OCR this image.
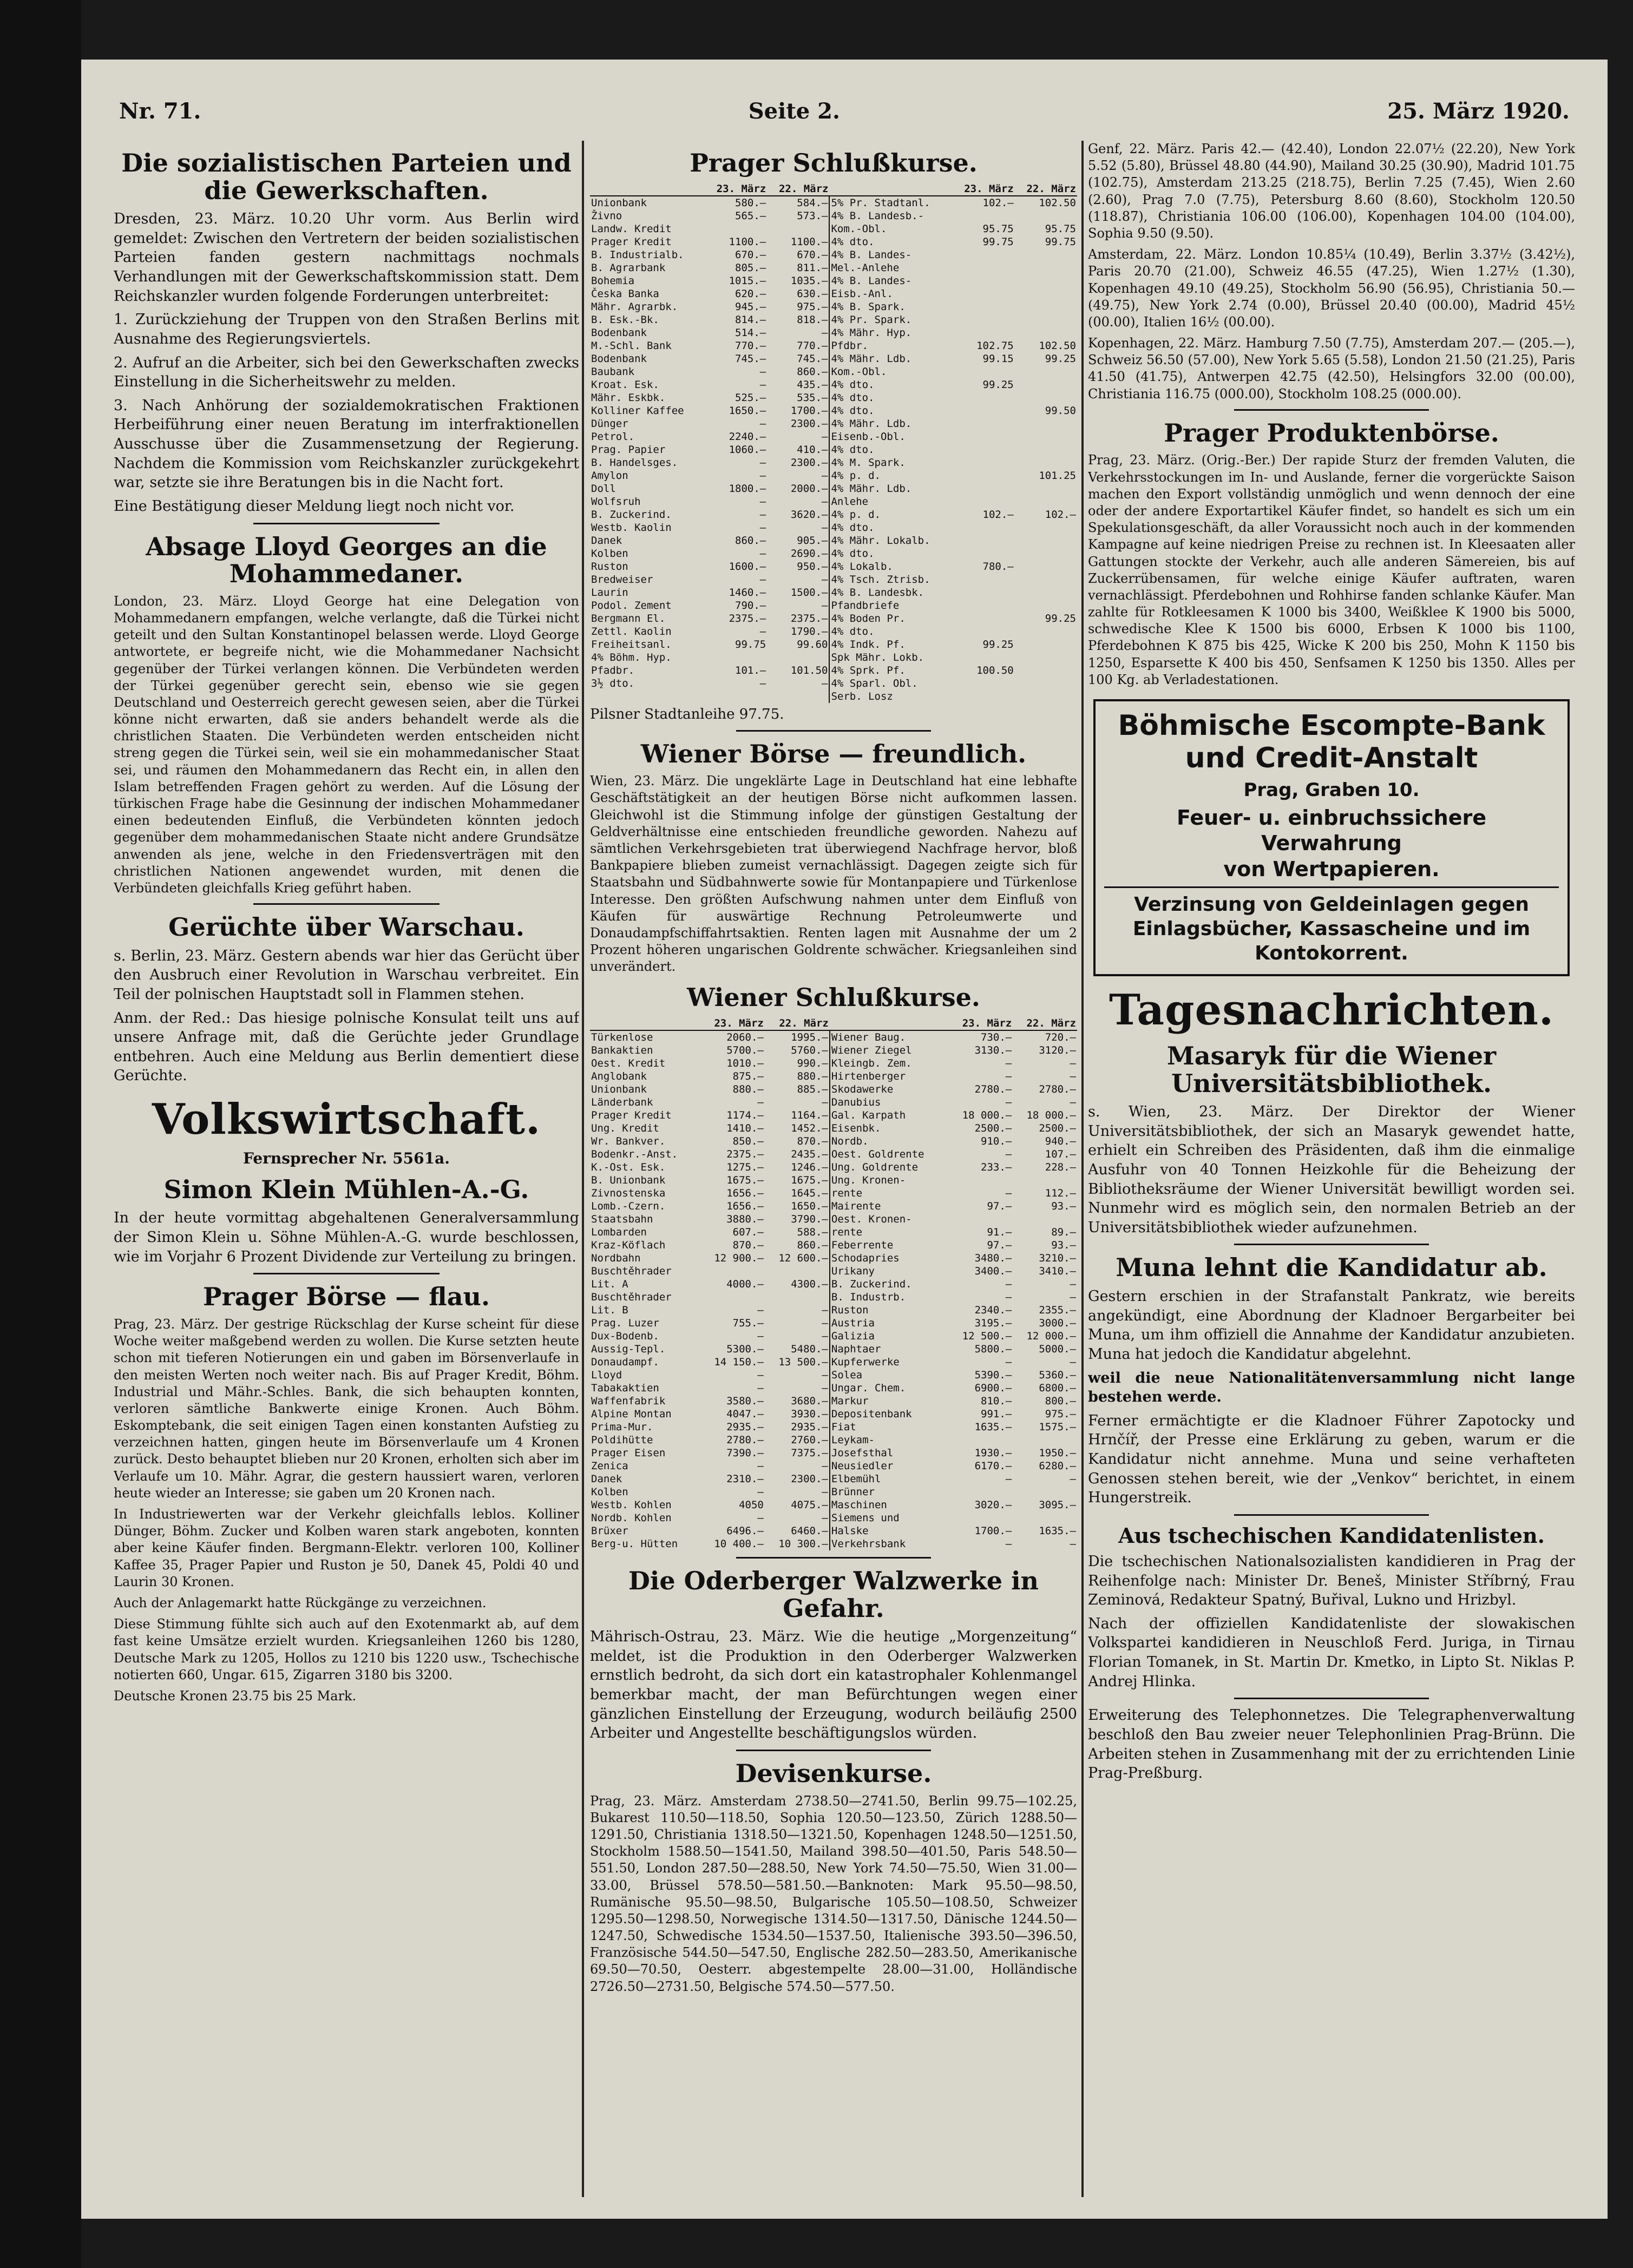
Nr. 71.	Seite 2.	25. März 1920.
Die sozialistischen Parteien und die Gewerkschaften.

Dresden, 23. März. 10.20 Uhr vorm. Aus Berlin wird gemeldet: Zwischen den Vertretern der beiden sozialistischen Parteien fanden gestern nachmittags nochmals Verhandlungen mit der Gewerkschaftskommission statt. Dem Reichskanzler wurden folgende Forderungen unterbreitet:

1. Zurückziehung der Truppen von den Straßen Berlins mit Ausnahme des Regierungsviertels.

2. Aufruf an die Arbeiter, sich bei den Gewerkschaften zwecks Einstellung in die Sicherheitswehr zu melden.

3. Nach Anhörung der sozialdemokratischen Fraktionen Herbeiführung einer neuen Beratung im interfraktionellen Ausschusse über die Zusammensetzung der Regierung. Nachdem die Kommission vom Reichskanzler zurückgekehrt war, setzte sie ihre Beratungen bis in die Nacht fort.

Eine Bestätigung dieser Meldung liegt noch nicht vor.

Absage Lloyd Georges an die Mohammedaner.

London, 23. März. Lloyd George hat eine Delegation von Mohammedanern empfangen, welche verlangte, daß die Türkei nicht geteilt und den Sultan Konstantinopel belassen werde. Lloyd George antwortete, er begreife nicht, wie die Mohammedaner Nachsicht gegenüber der Türkei verlangen können. Die Verbündeten werden der Türkei gegenüber gerecht sein, ebenso wie sie gegen Deutschland und Oesterreich gerecht gewesen seien, aber die Türkei könne nicht erwarten, daß sie anders behandelt werde als die christlichen Staaten. Die Verbündeten werden entscheiden nicht streng gegen die Türkei sein, weil sie ein mohammedanischer Staat sei, und räumen den Mohammedanern das Recht ein, in allen den Islam betreffenden Fragen gehört zu werden. Auf die Lösung der türkischen Frage habe die Gesinnung der indischen Mohammedaner einen bedeutenden Einfluß, die Verbündeten könnten jedoch gegenüber dem mohammedanischen Staate nicht andere Grundsätze anwenden als jene, welche in den Friedensverträgen mit den christlichen Nationen angewendet wurden, mit denen die Verbündeten gleichfalls Krieg geführt haben.

Gerüchte über Warschau.

s. Berlin, 23. März. Gestern abends war hier das Gerücht über den Ausbruch einer Revolution in Warschau verbreitet. Ein Teil der polnischen Hauptstadt soll in Flammen stehen.

Anm. der Red.: Das hiesige polnische Konsulat teilt uns auf unsere Anfrage mit, daß die Gerüchte jeder Grundlage entbehren. Auch eine Meldung aus Berlin dementiert diese Gerüchte.

Volkswirtschaft.
Fernsprecher Nr. 5561a.
Simon Klein Mühlen-A.-G.

In der heute vormittag abgehaltenen Generalversammlung der Simon Klein u. Söhne Mühlen-A.-G. wurde beschlossen, wie im Vorjahr 6 Prozent Dividende zur Verteilung zu bringen.

Prager Börse — flau.

Prag, 23. März. Der gestrige Rückschlag der Kurse scheint für diese Woche weiter maßgebend werden zu wollen. Die Kurse setzten heute schon mit tieferen Notierungen ein und gaben im Börsenverlaufe in den meisten Werten noch weiter nach. Bis auf Prager Kredit, Böhm. Industrial und Mähr.-Schles. Bank, die sich behaupten konnten, verloren sämtliche Bankwerte einige Kronen. Auch Böhm. Eskomptebank, die seit einigen Tagen einen konstanten Aufstieg zu verzeichnen hatten, gingen heute im Börsenverlaufe um 4 Kronen zurück. Desto behauptet blieben nur 20 Kronen, erholten sich aber im Verlaufe um 10. Mähr. Agrar, die gestern haussiert waren, verloren heute wieder an Interesse; sie gaben um 20 Kronen nach.

In Industriewerten war der Verkehr gleichfalls leblos. Kolliner Dünger, Böhm. Zucker und Kolben waren stark angeboten, konnten aber keine Käufer finden. Bergmann-Elektr. verloren 100, Kolliner Kaffee 35, Prager Papier und Ruston je 50, Danek 45, Poldi 40 und Laurin 30 Kronen.

Auch der Anlagemarkt hatte Rückgänge zu verzeichnen.

Diese Stimmung fühlte sich auch auf den Exotenmarkt ab, auf dem fast keine Umsätze erzielt wurden. Kriegsanleihen 1260 bis 1280, Deutsche Mark zu 1205, Hollos zu 1210 bis 1220 usw., Tschechische notierten 660, Ungar. 615, Zigarren 3180 bis 3200.

Deutsche Kronen 23.75 bis 25 Mark.

Prager Schlußkurse.
	23. März	22. März		23. März	22. März
Unionbank	580.—	584.—	5% Pr. Stadtanl.	102.—	102.50
Živno	565.—	573.—	4% B. Landesb.-		
Landw. Kredit			Kom.-Obl.	95.75	95.75
Prager Kredit	1100.—	1100.—	4% dto.	99.75	99.75
B. Industrialb.	670.—	670.—	4% B. Landes-		
B. Agrarbank	805.—	811.—	Mel.-Anlehe		
Bohemia	1015.—	1035.—	4% B. Landes-		
Česka Banka	620.—	630.—	Eisb.-Anl.		
Mähr. Agrarbk.	945.—	975.—	4% B. Spark.		
B. Esk.-Bk.	814.—	818.—	4% Pr. Spark.		
Bodenbank	514.—	—	4% Mähr. Hyp.		
M.-Schl. Bank	770.—	770.—	Pfdbr.	102.75	102.50
Bodenbank	745.—	745.—	4% Mähr. Ldb.	99.15	99.25
Baubank	—	860.—	Kom.-Obl.		
Kroat. Esk.	—	435.—	4% dto.	99.25	
Mähr. Eskbk.	525.—	535.—	4% dto.		
Kolliner Kaffee	1650.—	1700.—	4% dto.		99.50
Dünger	—	2300.—	4% Mähr. Ldb.		
Petrol.	2240.—	—	Eisenb.-Obl.		
Prag. Papier	1060.—	410.—	4% dto.		
B. Handelsges.	—	2300.—	4% M. Spark.		
Amylon	—	—	4% p. d.		101.25
Doll	1800.—	2000.—	4% Mähr. Ldb.		
Wolfsruh	—	—	Anlehe		
B. Zuckerind.	—	3620.—	4% p. d.	102.—	102.—
Westb. Kaolin	—	—	4% dto.		
Danek	860.—	905.—	4% Mähr. Lokalb.		
Kolben	—	2690.—	4% dto.		
Ruston	1600.—	950.—	4% Lokalb.	780.—	
Bredweiser	—	—	4% Tsch. Ztrisb.		
Laurin	1460.—	1500.—	4% B. Landesbk.		
Podol. Zement	790.—	—	Pfandbriefe		
Bergmann El.	2375.—	2375.—	4% Boden Pr.		99.25
Zettl. Kaolin	—	1790.—	4% dto.		
Freiheitsanl.	99.75	99.60	4% Indk. Pf.	99.25	
4% Böhm. Hyp.			Spk Mähr. Lokb.		
Pfadbr.	101.—	101.50	4% Sprk. Pf.	100.50	
3½ dto.	—	—	4% Sparl. Obl.		
			Serb. Losz		
Pilsner Stadtanleihe 97.75.
Wiener Börse — freundlich.

Wien, 23. März. Die ungeklärte Lage in Deutschland hat eine lebhafte Geschäftstätigkeit an der heutigen Börse nicht aufkommen lassen. Gleichwohl ist die Stimmung infolge der günstigen Gestaltung der Geldverhältnisse eine entschieden freundliche geworden. Nahezu auf sämtlichen Verkehrsgebieten trat überwiegend Nachfrage hervor, bloß Bankpapiere blieben zumeist vernachlässigt. Dagegen zeigte sich für Staatsbahn und Südbahnwerte sowie für Montanpapiere und Türkenlose Interesse. Den größten Aufschwung nahmen unter dem Einfluß von Käufen für auswärtige Rechnung Petroleumwerte und Donaudampfschiffahrtsaktien. Renten lagen mit Ausnahme der um 2 Prozent höheren ungarischen Goldrente schwächer. Kriegsanleihen sind unverändert.

Wiener Schlußkurse.
	23. März	22. März		23. März	22. März
Türkenlose	2060.—	1995.—	Wiener Baug.	730.—	720.—
Bankaktien	5700.—	5760.—	Wiener Ziegel	3130.—	3120.—
Oest. Kredit	1010.—	990.—	Kleingb. Zem.	—	—
Anglobank	875.—	880.—	Hirtenberger	—	—
Unionbank	880.—	885.—	Skodawerke	2780.—	2780.—
Länderbank	—	—	Danubius	—	—
Prager Kredit	1174.—	1164.—	Gal. Karpath	18 000.—	18 000.—
Ung. Kredit	1410.—	1452.—	Eisenbk.	2500.—	2500.—
Wr. Bankver.	850.—	870.—	Nordb.	910.—	940.—
Bodenkr.-Anst.	2375.—	2435.—	Oest. Goldrente	—	107.—
K.-Ost. Esk.	1275.—	1246.—	Ung. Goldrente	233.—	228.—
B. Unionbank	1675.—	1675.—	Ung. Kronen-		
Zivnostenska	1656.—	1645.—	rente	—	112.—
Lomb.-Czern.	1656.—	1650.—	Mairente	97.—	93.—
Staatsbahn	3880.—	3790.—	Oest. Kronen-		
Lombarden	607.—	588.—	rente	91.—	89.—
Kraz-Köflach	870.—	860.—	Feberrente	97.—	93.—
Nordbahn	12 900.—	12 600.—	Schodapries	3480.—	3210.—
Buschtěhrader			Urikany	3400.—	3410.—
Lit. A	4000.—	4300.—	B. Zuckerind.	—	—
Buschtěhrader			B. Industrb.	—	—
Lit. B	—	—	Ruston	2340.—	2355.—
Prag. Luzer	755.—	—	Austria	3195.—	3000.—
Dux-Bodenb.	—	—	Galizia	12 500.—	12 000.—
Aussig-Tepl.	5300.—	5480.—	Naphtaer	5800.—	5000.—
Donaudampf.	14 150.—	13 500.—	Kupferwerke	—	—
Lloyd	—	—	Solea	5390.—	5360.—
Tabakaktien	—	—	Ungar. Chem.	6900.—	6800.—
Waffenfabrik	3580.—	3680.—	Markur	810.—	800.—
Alpine Montan	4047.—	3930.—	Depositenbank	991.—	975.—
Prima-Mur.	2935.—	2935.—	Fiat	1635.—	1575.—
Poldihütte	2780.—	2760.—	Leykam-		
Prager Eisen	7390.—	7375.—	Josefsthal	1930.—	1950.—
Zenica	—	—	Neusiedler	6170.—	6280.—
Danek	2310.—	2300.—	Elbemühl	—	—
Kolben	—	—	Brünner		
Westb. Kohlen	4050	4075.—	Maschinen	3020.—	3095.—
Nordb. Kohlen	—	—	Siemens und		
Brüxer	6496.—	6460.—	Halske	1700.—	1635.—
Berg-u. Hütten	10 400.—	10 300.—	Verkehrsbank	—	—
Die Oderberger Walzwerke in Gefahr.

Mährisch-Ostrau, 23. März. Wie die heutige „Morgenzeitung“ meldet, ist die Produktion in den Oderberger Walzwerken ernstlich bedroht, da sich dort ein katastrophaler Kohlenmangel bemerkbar macht, der man Befürchtungen wegen einer gänzlichen Einstellung der Erzeugung, wodurch beiläufig 2500 Arbeiter und Angestellte beschäftigungslos würden.

Devisenkurse.

Prag, 23. März. Amsterdam 2738.50—2741.50, Berlin 99.75—102.25, Bukarest 110.50—118.50, Sophia 120.50—123.50, Zürich 1288.50—1291.50, Christiania 1318.50—1321.50, Kopenhagen 1248.50—1251.50, Stockholm 1588.50—1541.50, Mailand 398.50—401.50, Paris 548.50—551.50, London 287.50—288.50, New York 74.50—75.50, Wien 31.00—33.00, Brüssel 578.50—581.50.—Banknoten: Mark 95.50—98.50, Rumänische 95.50—98.50, Bulgarische 105.50—108.50, Schweizer 1295.50—1298.50, Norwegische 1314.50—1317.50, Dänische 1244.50—1247.50, Schwedische 1534.50—1537.50, Italienische 393.50—396.50, Französische 544.50—547.50, Englische 282.50—283.50, Amerikanische 69.50—70.50, Oesterr. abgestempelte 28.00—31.00, Holländische 2726.50—2731.50, Belgische 574.50—577.50.

Genf, 22. März. Paris 42.— (42.40), London 22.07½ (22.20), New York 5.52 (5.80), Brüssel 48.80 (44.90), Mailand 30.25 (30.90), Madrid 101.75 (102.75), Amsterdam 213.25 (218.75), Berlin 7.25 (7.45), Wien 2.60 (2.60), Prag 7.0 (7.75), Petersburg 8.60 (8.60), Stockholm 120.50 (118.87), Christiania 106.00 (106.00), Kopenhagen 104.00 (104.00), Sophia 9.50 (9.50).

Amsterdam, 22. März. London 10.85¼ (10.49), Berlin 3.37½ (3.42½), Paris 20.70 (21.00), Schweiz 46.55 (47.25), Wien 1.27½ (1.30), Kopenhagen 49.10 (49.25), Stockholm 56.90 (56.95), Christiania 50.— (49.75), New York 2.74 (0.00), Brüssel 20.40 (00.00), Madrid 45½ (00.00), Italien 16½ (00.00).

Kopenhagen, 22. März. Hamburg 7.50 (7.75), Amsterdam 207.— (205.—), Schweiz 56.50 (57.00), New York 5.65 (5.58), London 21.50 (21.25), Paris 41.50 (41.75), Antwerpen 42.75 (42.50), Helsingfors 32.00 (00.00), Christiania 116.75 (000.00), Stockholm 108.25 (000.00).

Prager Produktenbörse.

Prag, 23. März. (Orig.-Ber.) Der rapide Sturz der fremden Valuten, die Verkehrsstockungen im In- und Auslande, ferner die vorgerückte Saison machen den Export vollständig unmöglich und wenn dennoch der eine oder der andere Exportartikel Käufer findet, so handelt es sich um ein Spekulationsgeschäft, da aller Voraussicht noch auch in der kommenden Kampagne auf keine niedrigen Preise zu rechnen ist. In Kleesaaten aller Gattungen stockte der Verkehr, auch alle anderen Sämereien, bis auf Zuckerrübensamen, für welche einige Käufer auftraten, waren vernachlässigt. Pferdebohnen und Rohhirse fanden schlanke Käufer. Man zahlte für Rotkleesamen K 1000 bis 3400, Weißklee K 1900 bis 5000, schwedische Klee K 1500 bis 6000, Erbsen K 1000 bis 1100, Pferdebohnen K 875 bis 425, Wicke K 200 bis 250, Mohn K 1150 bis 1250, Esparsette K 400 bis 450, Senfsamen K 1250 bis 1350. Alles per 100 Kg. ab Verladestationen.

Böhmische Escompte-Bank
und Credit-Anstalt
Prag, Graben 10.
Feuer- u. einbruchssichere Verwahrung
von Wertpapieren.
Verzinsung von Geldeinlagen gegen Einlagsbücher, Kassascheine und im Kontokorrent.
Tagesnachrichten.
Masaryk für die Wiener Universitätsbibliothek.

s. Wien, 23. März. Der Direktor der Wiener Universitätsbibliothek, der sich an Masaryk gewendet hatte, erhielt ein Schreiben des Präsidenten, daß ihm die einmalige Ausfuhr von 40 Tonnen Heizkohle für die Beheizung der Bibliotheksräume der Wiener Universität bewilligt worden sei. Nunmehr wird es möglich sein, den normalen Betrieb an der Universitätsbibliothek wieder aufzunehmen.

Muna lehnt die Kandidatur ab.

Gestern erschien in der Strafanstalt Pankratz, wie bereits angekündigt, eine Abordnung der Kladnoer Bergarbeiter bei Muna, um ihm offiziell die Annahme der Kandidatur anzubieten. Muna hat jedoch die Kandidatur abgelehnt.

weil die neue Nationalitätenversammlung nicht lange bestehen werde.

Ferner ermächtigte er die Kladnoer Führer Zapotocky und Hrnčíř, der Presse eine Erklärung zu geben, warum er die Kandidatur nicht annehme. Muna und seine verhafteten Genossen stehen bereit, wie der „Venkov“ berichtet, in einem Hungerstreik.

Aus tschechischen Kandidatenlisten.

Die tschechischen Nationalsozialisten kandidieren in Prag der Reihenfolge nach: Minister Dr. Beneš, Minister Stříbrný, Frau Zeminová, Redakteur Spatný, Buřival, Lukno und Hrizbyl.

Nach der offiziellen Kandidatenliste der slowakischen Volkspartei kandidieren in Neuschloß Ferd. Juriga, in Tirnau Florian Tomanek, in St. Martin Dr. Kmetko, in Lipto St. Niklas P. Andrej Hlinka.

Erweiterung des Telephonnetzes. Die Telegraphenverwaltung beschloß den Bau zweier neuer Telephonlinien Prag-Brünn. Die Arbeiten stehen in Zusammenhang mit der zu errichtenden Linie Prag-Preßburg.
